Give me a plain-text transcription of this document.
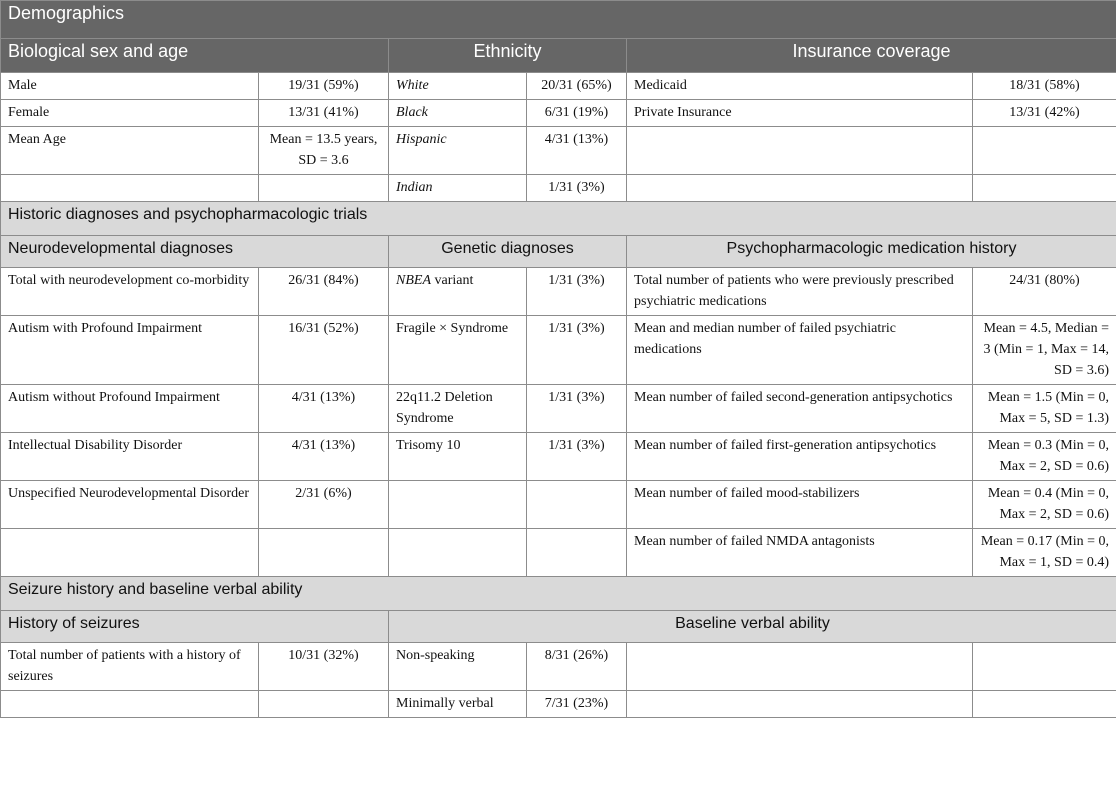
Demographics					
Biological sex and age		Ethnicity		Insurance coverage	
Male	19/31 (59%)	White	20/31 (65%)	Medicaid	18/31 (58%)
Female	13/31 (41%)	Black	6/31 (19%)	Private Insurance	13/31 (42%)
Mean Age	Mean = 13.5 years, SD = 3.6	Hispanic	4/31 (13%)		
		Indian	1/31 (3%)		
Historic diagnoses and psychopharmacologic trials					
Neurodevelopmental diagnoses		Genetic diagnoses		Psychopharmacologic medication history	
Total with neurodevelopment co-morbidity	26/31 (84%)	NBEA variant	1/31 (3%)	Total number of patients who were previously prescribed psychiatric medications	24/31 (80%)
Autism with Profound Impairment	16/31 (52%)	Fragile × Syndrome	1/31 (3%)	Mean and median number of failed psychiatric medications	Mean = 4.5, Median = 3 (Min = 1, Max = 14, SD = 3.6)
Autism without Profound Impairment	4/31 (13%)	22q11.2 Deletion Syndrome	1/31 (3%)	Mean number of failed second-generation antipsychotics	Mean = 1.5 (Min = 0, Max = 5, SD = 1.3)
Intellectual Disability Disorder	4/31 (13%)	Trisomy 10	1/31 (3%)	Mean number of failed first-generation antipsychotics	Mean = 0.3 (Min = 0, Max = 2, SD = 0.6)
Unspecified Neurodevelopmental Disorder	2/31 (6%)			Mean number of failed mood-stabilizers	Mean = 0.4 (Min = 0, Max = 2, SD = 0.6)
				Mean number of failed NMDA antagonists	Mean = 0.17 (Min = 0, Max = 1, SD = 0.4)
Seizure history and baseline verbal ability					
History of seizures		Baseline verbal ability			
Total number of patients with a history of seizures	10/31 (32%)	Non-speaking	8/31 (26%)		
		Minimally verbal	7/31 (23%)		
